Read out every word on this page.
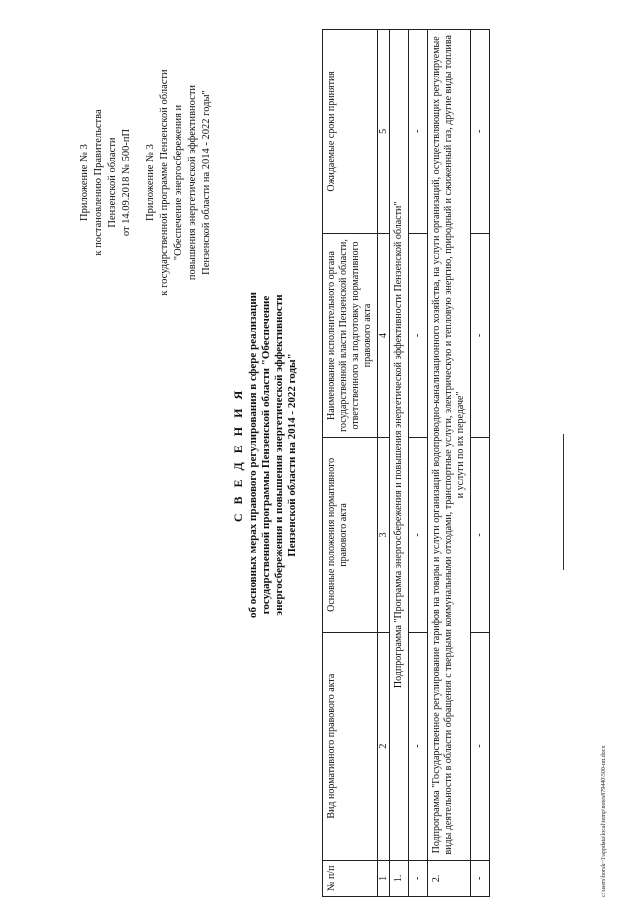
Приложение № 3 к постановлению Правительства Пензенской области от 14.09.2018 № 500-пП Приложение № 3 к государственной программе Пензенской области "Обеспечение энергосбережения и повышения энергетической эффективности Пензенской области на 2014 - 2022 годы"
С В Е Д Е Н И Я об основных мерах правового регулирования в сфере реализации государственной программы Пензенской области "Обеспечение энергосбережения и повышения энергетической эффективности Пензенской области на 2014 - 2022 годы"
№ п/п	Вид нормативного правового акта	Основные положения нормативного правового акта	Наименование исполнительного органа государственной власти Пензенской области, ответственного за подготовку нормативного правового акта	Ожидаемые сроки принятия
1	2	3	4	5
1.	Подпрограмма "Программа энергосбережения и повышения энергетической эффективности Пензенской области"			
-	-	-	-	-
2.	Подпрограмма "Государственное регулирование тарифов на товары и услуги организаций водопроводно-канализационного хозяйства, на услуги организаций, осуществляющих регулируемые виды деятельности в области обращения с твердыми коммунальными отходами, транспортные услуги, электрическую и тепловую энергию, природный и сжиженный газ, другие виды топлива и услуги по их передаче"			
-	-	-	-	-
c:\users\borsk~1\appdata\local\temp\notes879440\500-пп.docx
